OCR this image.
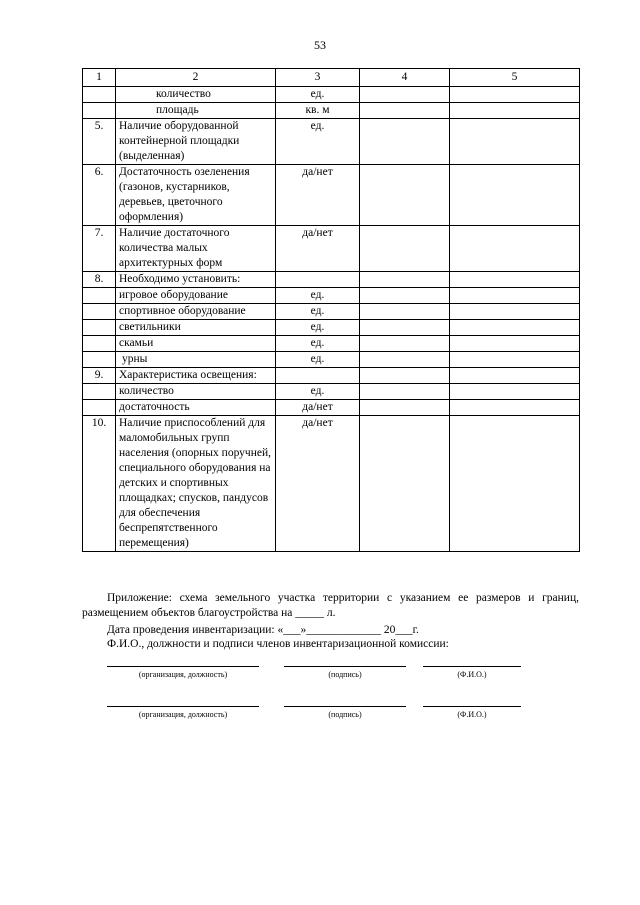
53
1	2	3	4	5
	количество	ед.		
	площадь	кв. м		
5.	Наличие оборудованной контейнерной площадки (выделенная)	ед.		
6.	Достаточность озеленения (газонов, кустарников, деревьев, цветочного оформления)	да/нет		
7.	Наличие достаточного количества малых архитектурных форм	да/нет		
8.	Необходимо установить:			
	игровое оборудование	ед.		
	спортивное оборудование	ед.		
	светильники	ед.		
	скамьи	ед.		
	урны	ед.		
9.	Характеристика освещения:			
	количество	ед.		
	достаточность	да/нет		
10.	Наличие приспособлений для маломобильных групп населения (опорных поручней, специального оборудования на детских и спортивных площадках; спусков, пандусов для обеспечения беспрепятственного перемещения)	да/нет		
Приложение: схема земельного участка территории с указанием ее размеров и границ, размещением объектов благоустройства на _____ л.
Дата проведения инвентаризации: «___»_____________ 20___г.
Ф.И.О., должности и подписи членов инвентаризационной комиссии:
(организация, должность)	(подпись)	(Ф.И.О.)
(организация, должность)	(подпись)	(Ф.И.О.)
